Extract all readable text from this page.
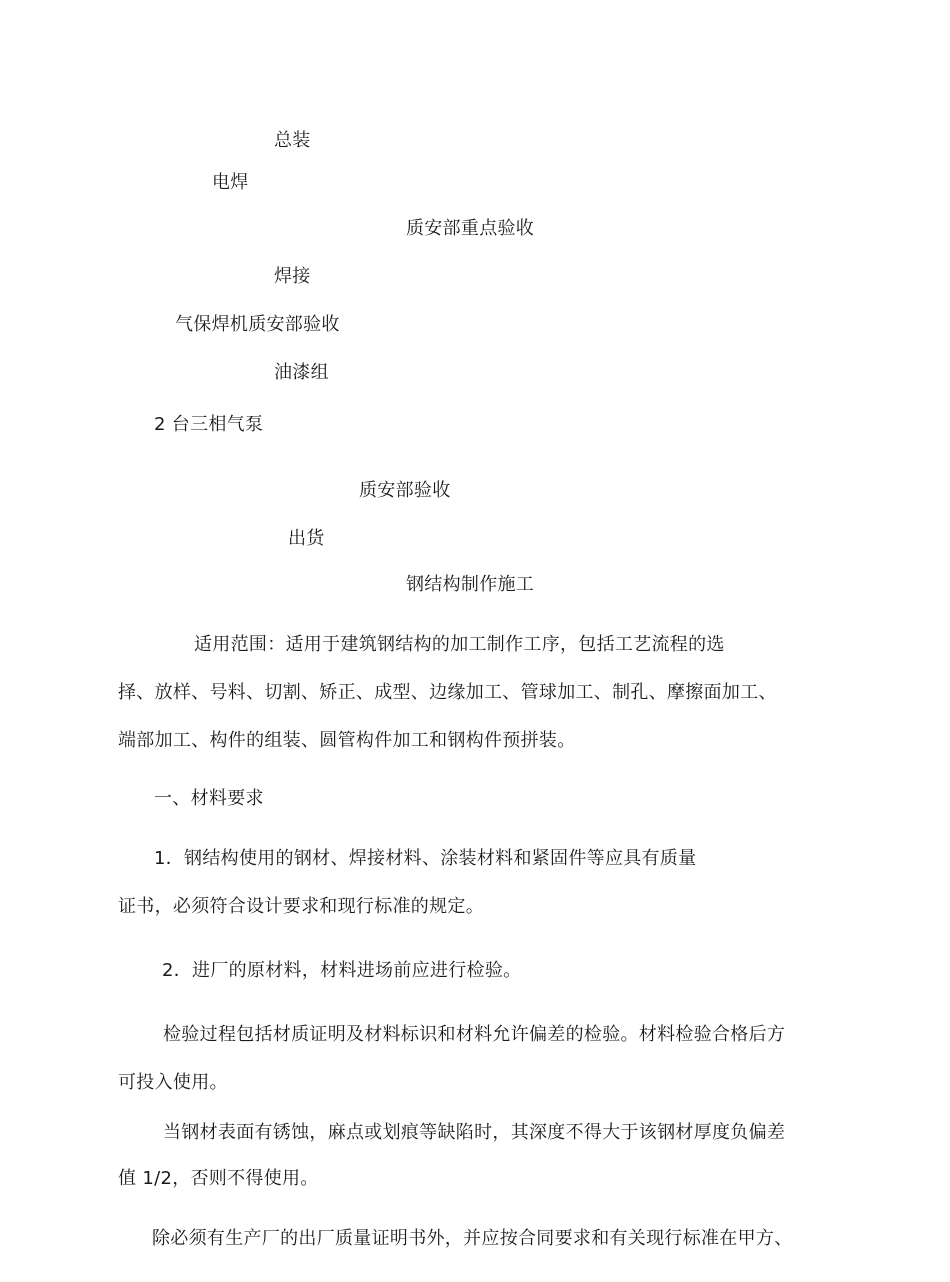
总装
电焊
质安部重点验收
焊接
气保焊机质安部验收
油漆组
2 台三相气泵
质安部验收
出货
钢结构制作施工
适用范围：适用于建筑钢结构的加工制作工序，包括工艺流程的选
择、放样、号料、切割、矫正、成型、边缘加工、管球加工、制孔、摩擦面加工、
端部加工、构件的组装、圆管构件加工和钢构件预拼装。
一、材料要求
1．钢结构使用的钢材、焊接材料、涂装材料和紧固件等应具有质量
证书，必须符合设计要求和现行标准的规定。
2．进厂的原材料，材料进场前应进行检验。
检验过程包括材质证明及材料标识和材料允许偏差的检验。材料检验合格后方
可投入使用。
当钢材表面有锈蚀，麻点或划痕等缺陷时，其深度不得大于该钢材厚度负偏差
值 1/2，否则不得使用。
除必须有生产厂的出厂质量证明书外，并应按合同要求和有关现行标准在甲方、
